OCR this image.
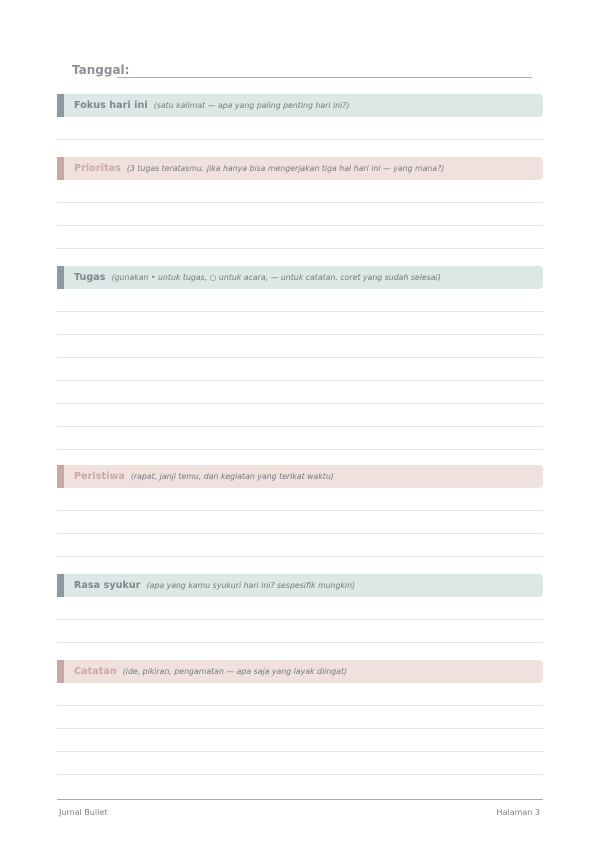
Tanggal:
Fokus hari ini (satu kalimat — apa yang paling penting hari ini?)
Prioritas (3 tugas teratasmu. jika hanya bisa mengerjakan tiga hal hari ini — yang mana?)
Tugas (gunakan • untuk tugas, ○ untuk acara, — untuk catatan. coret yang sudah selesai)
Peristiwa (rapat, janji temu, dan kegiatan yang terikat waktu)
Rasa syukur (apa yang kamu syukuri hari ini? sespesifik mungkin)
Catatan (ide, pikiran, pengamatan — apa saja yang layak diingat)
Jurnal Bullet	Halaman 3
